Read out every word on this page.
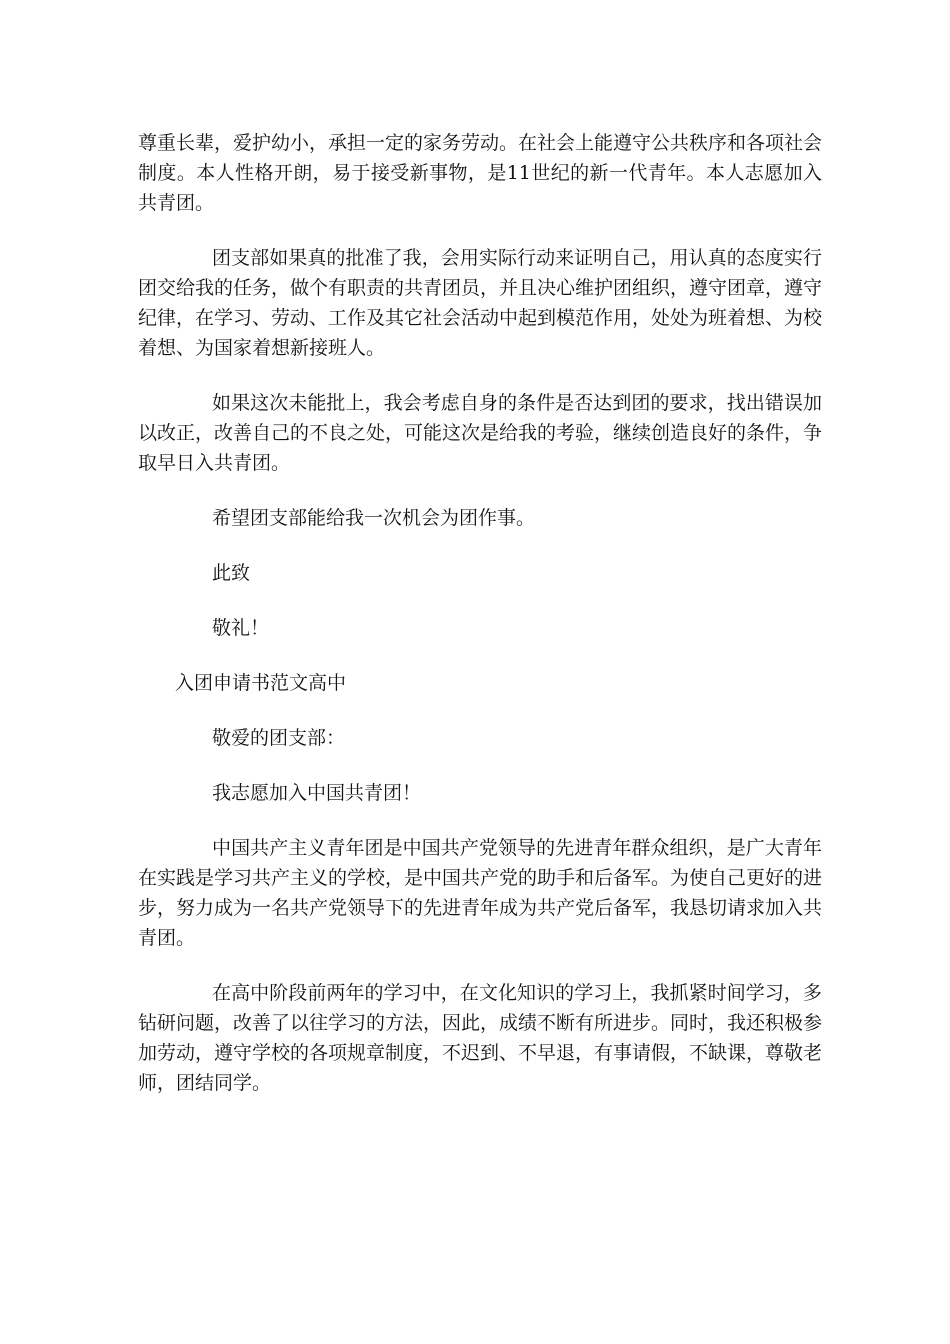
尊重长辈，爱护幼小，承担一定的家务劳动。在社会上能遵守公共秩序和各项社会制度。本人性格开朗，易于接受新事物，是11世纪的新一代青年。本人志愿加入共青团。

团支部如果真的批准了我，会用实际行动来证明自己，用认真的态度实行团交给我的任务，做个有职责的共青团员，并且决心维护团组织，遵守团章，遵守纪律，在学习、劳动、工作及其它社会活动中起到模范作用，处处为班着想、为校着想、为国家着想新接班人。

如果这次未能批上，我会考虑自身的条件是否达到团的要求，找出错误加以改正，改善自己的不良之处，可能这次是给我的考验，继续创造良好的条件，争取早日入共青团。

希望团支部能给我一次机会为团作事。

此致

敬礼！

入团申请书范文高中

敬爱的团支部：

我志愿加入中国共青团！

中国共产主义青年团是中国共产党领导的先进青年群众组织，是广大青年在实践是学习共产主义的学校，是中国共产党的助手和后备军。为使自己更好的进步，努力成为一名共产党领导下的先进青年成为共产党后备军，我恳切请求加入共青团。

在高中阶段前两年的学习中，在文化知识的学习上，我抓紧时间学习，多钻研问题，改善了以往学习的方法，因此，成绩不断有所进步。同时，我还积极参加劳动，遵守学校的各项规章制度，不迟到、不早退，有事请假，不缺课，尊敬老师，团结同学。
